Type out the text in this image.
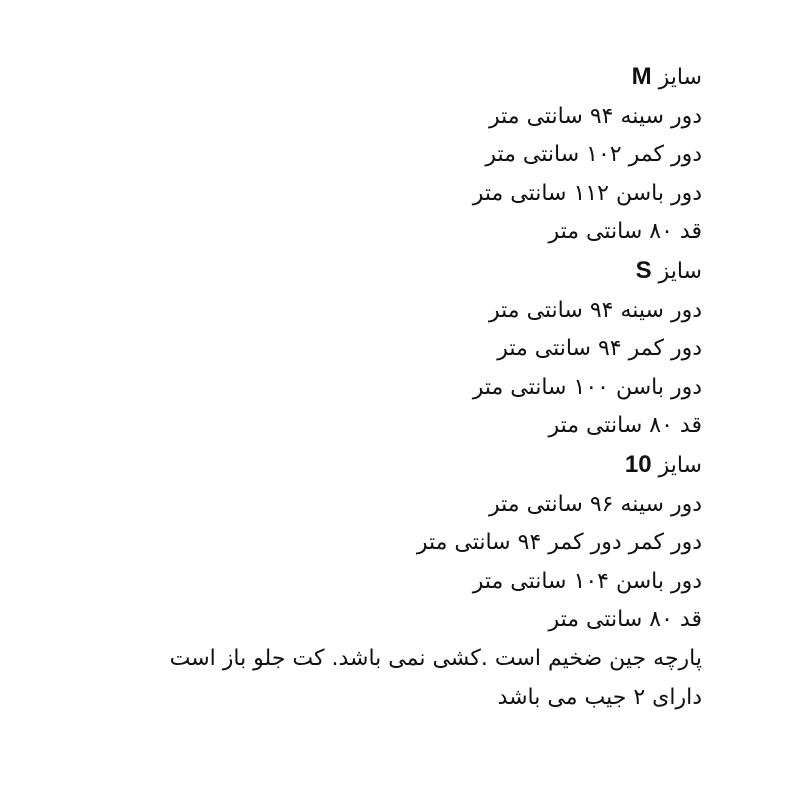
سایز M
دور سینه ۹۴ سانتی متر
دور کمر ۱۰۲ سانتی متر
دور باسن ۱۱۲ سانتی متر
قد ۸۰ سانتی متر
سایز S
دور سینه ۹۴ سانتی متر
دور کمر ۹۴ سانتی متر
دور باسن ۱۰۰ سانتی متر
قد ۸۰ سانتی متر
سایز 10
دور سینه ۹۶ سانتی متر
دور کمر دور کمر ۹۴ سانتی متر
دور باسن ۱۰۴ سانتی متر
قد ۸۰ سانتی متر
پارچه جین ضخیم است .کشی نمی باشد. کت جلو باز است
دارای ۲ جیب می باشد
